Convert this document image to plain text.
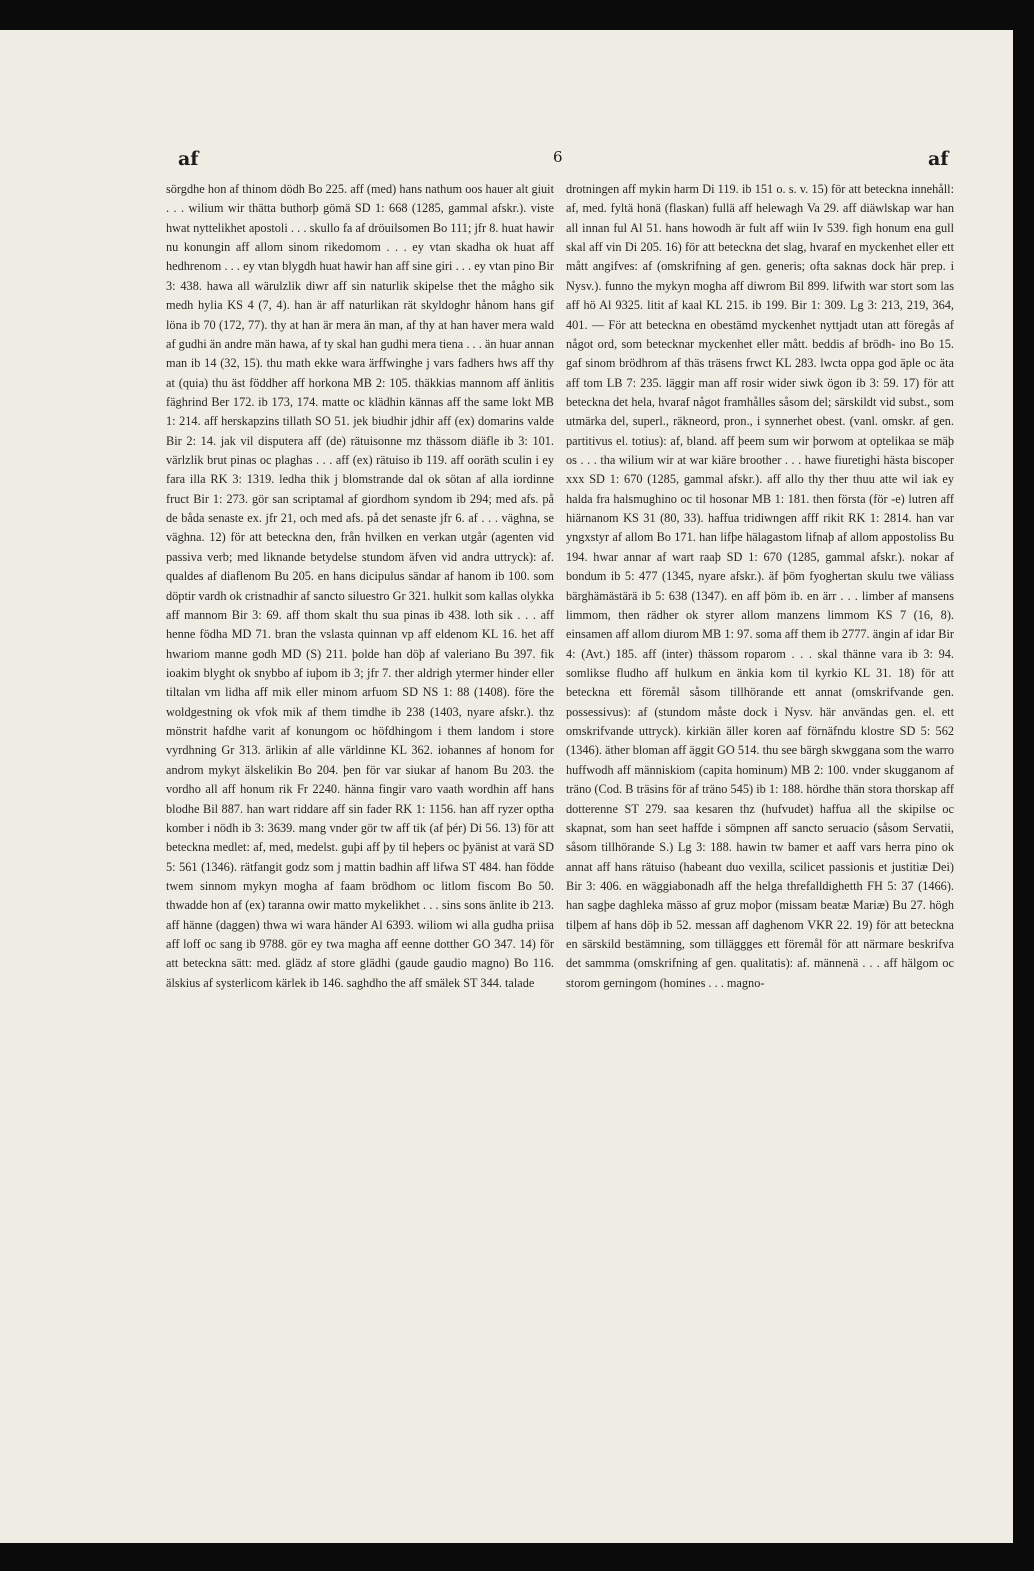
af	6	af

sörgdhe hon af thinom dödh Bo 225. aff (med) hans nathum oos hauer alt giuit . . . wilium wir thätta buthorþ gömä SD 1: 668 (1285, gammal afskr.). viste hwat nyttelikhet apostoli . . . skullo fa af dröuilsomen Bo 111; jfr 8. huat hawir nu konungin aff allom sinom rikedomom . . . ey vtan skadha ok huat aff hedhrenom . . . ey vtan blygdh huat hawir han aff sine giri . . . ey vtan pino Bir 3: 438. hawa all wärulzlik diwr aff sin naturlik skipelse thet the mågho sik medh hylia KS 4 (7, 4). han är aff naturlikan rät skyldoghr hånom hans gif löna ib 70 (172, 77). thy at han är mera än man, af thy at han haver mera wald af gudhi än andre män hawa, af ty skal han gudhi mera tiena . . . än huar annan man ib 14 (32, 15). thu math ekke wara ärffwinghe j vars fadhers hws aff thy at (quia) thu äst föddher aff horkona MB 2: 105. thäkkias mannom aff änlitis fäghrind Ber 172. ib 173, 174. matte oc klädhin kännas aff the same lokt MB 1: 214. aff herskapzins tillath SO 51. jek biudhir jdhir aff (ex) domarins valde Bir 2: 14. jak vil disputera aff (de) rätuisonne mz thässom diäfle ib 3: 101. värlzlik brut pinas oc plaghas . . . aff (ex) rätuiso ib 119. aff ooräth sculin i ey fara illa RK 3: 1319. ledha thik j blomstrande dal ok sötan af alla iordinne fruct Bir 1: 273. gör san scriptamal af giordhom syndom ib 294; med afs. på de båda senaste ex. jfr 21, och med afs. på det senaste jfr 6. af . . . väghna, se väghna. 12) för att beteckna den, från hvilken en verkan utgår (agenten vid passiva verb; med liknande betydelse stundom äfven vid andra uttryck): af. qualdes af diaflenom Bu 205. en hans dicipulus sändar af hanom ib 100. som döptir vardh ok cristnadhir af sancto siluestro Gr 321. hulkit som kallas olykka aff mannom Bir 3: 69. aff thom skalt thu sua pinas ib 438. loth sik . . . aff henne födha MD 71. bran the vslasta quinnan vp aff eldenom KL 16. het aff hwariom manne godh MD (S) 211. þolde han döþ af valeriano Bu 397. fik ioakim blyght ok snybbo af iuþom ib 3; jfr 7. ther aldrigh ytermer hinder eller tiltalan vm lidha aff mik eller minom arfuom SD NS 1: 88 (1408). före the woldgestning ok vfok mik af them timdhe ib 238 (1403, nyare afskr.). thz mönstrit hafdhe varit af konungom oc höfdhingom i them landom i store vyrdhning Gr 313. ärlikin af alle världinne KL 362. iohannes af honom for androm mykyt älskelikin Bo 204. þen för var siukar af hanom Bu 203. the vordho all aff honum rik Fr 2240. hänna fingir varo vaath wordhin aff hans blodhe Bil 887. han wart riddare aff sin fader RK 1: 1156. han aff ryzer optha komber i nödh ib 3: 3639. mang vnder gör tw aff tik (af þér) Di 56. 13) för att beteckna medlet: af, med, medelst. guþi aff þy til heþers oc þyänist at varä SD 5: 561 (1346). rätfangit godz som j mattin badhin aff lifwa ST 484. han födde twem sinnom mykyn mogha af faam brödhom oc litlom fiscom Bo 50. thwadde hon af (ex) taranna owir matto mykelikhet . . . sins sons änlite ib 213. aff hänne (daggen) thwa wi wara händer Al 6393. wiliom wi alla gudha priisa aff loff oc sang ib 9788. gör ey twa magha aff eenne dotther GO 347. 14) för att beteckna sätt: med. glädz af store glädhi (gaude gaudio magno) Bo 116. älskius af systerlicom kärlek ib 146. saghdho the aff smälek ST 344. talade

drotningen aff mykin harm Di 119. ib 151 o. s. v. 15) för att beteckna innehåll: af, med. fyltä honä (flaskan) fullä aff helewagh Va 29. aff diäwlskap war han all innan ful Al 51. hans howodh är fult aff wiin Iv 539. figh honum ena gull skal aff vin Di 205. 16) för att beteckna det slag, hvaraf en myckenhet eller ett mått angifves: af (omskrifning af gen. generis; ofta saknas dock här prep. i Nysv.). funno the mykyn mogha aff diwrom Bil 899. lifwith war stort som las aff hö Al 9325. litit af kaal KL 215. ib 199. Bir 1: 309. Lg 3: 213, 219, 364, 401. — För att beteckna en obestämd myckenhet nyttjadt utan att föregås af något ord, som betecknar myckenhet eller mått. beddis af brödh- ino Bo 15. gaf sinom brödhrom af thäs träsens frwct KL 283. lwcta oppa god äple oc äta aff tom LB 7: 235. läggir man aff rosir wider siwk ögon ib 3: 59. 17) för att beteckna det hela, hvaraf något framhålles såsom del; särskildt vid subst., som utmärka del, superl., räkneord, pron., i synnerhet obest. (vanl. omskr. af gen. partitivus el. totius): af, bland. aff þeem sum wir þorwom at optelikaa se mäþ os . . . tha wilium wir at war kiäre broother . . . hawe fiuretighi hästa biscoper xxx SD 1: 670 (1285, gammal afskr.). aff allo thy ther thuu atte wil iak ey halda fra halsmughino oc til hosonar MB 1: 181. then första (för -e) lutren aff hiärnanom KS 31 (80, 33). haffua tridiwngen afff rikit RK 1: 2814. han var yngxstyr af allom Bo 171. han lifþe hälagastom lifnaþ af allom appostoliss Bu 194. hwar annar af wart raaþ SD 1: 670 (1285, gammal afskr.). nokar af bondum ib 5: 477 (1345, nyare afskr.). äf þöm fyoghertan skulu twe väliass bärghämästärä ib 5: 638 (1347). en aff þöm ib. en ärr . . . limber af mansens limmom, then rädher ok styrer allom manzens limmom KS 7 (16, 8). einsamen aff allom diurom MB 1: 97. soma aff them ib 2777. ängin af idar Bir 4: (Avt.) 185. aff (inter) thässom roparom . . . skal thänne vara ib 3: 94. somlikse fludho aff hulkum en änkia kom til kyrkio KL 31. 18) för att beteckna ett föremål såsom tillhörande ett annat (omskrifvande gen. possessivus): af (stundom måste dock i Nysv. här användas gen. el. ett omskrifvande uttryck). kirkiän äller koren aaf förnäfndu klostre SD 5: 562 (1346). äther bloman aff äggit GO 514. thu see bärgh skwggana som the warro huffwodh aff människiom (capita hominum) MB 2: 100. vnder skugganom af träno (Cod. B träsins för af träno 545) ib 1: 188. hördhe thän stora thorskap aff dotterenne ST 279. saa kesaren thz (hufvudet) haffua all the skipilse oc skapnat, som han seet haffde i sömpnen aff sancto seruacio (såsom Servatii, såsom tillhörande S.) Lg 3: 188. hawin tw bamer et aaff vars herra pino ok annat aff hans rätuiso (habeant duo vexilla, scilicet passionis et justitiæ Dei) Bir 3: 406. en wäggiabonadh aff the helga threfalldighetth FH 5: 37 (1466). han sagþe daghleka mässo af gruz moþor (missam beatæ Mariæ) Bu 27. högh tilþem af hans döþ ib 52. messan aff daghenom VKR 22. 19) för att beteckna en särskild bestämning, som tilläggges ett föremål för att närmare beskrifva det sammma (omskrifning af gen. qualitatis): af. männenä . . . aff hälgom oc storom gerningom (homines . . . magno-
